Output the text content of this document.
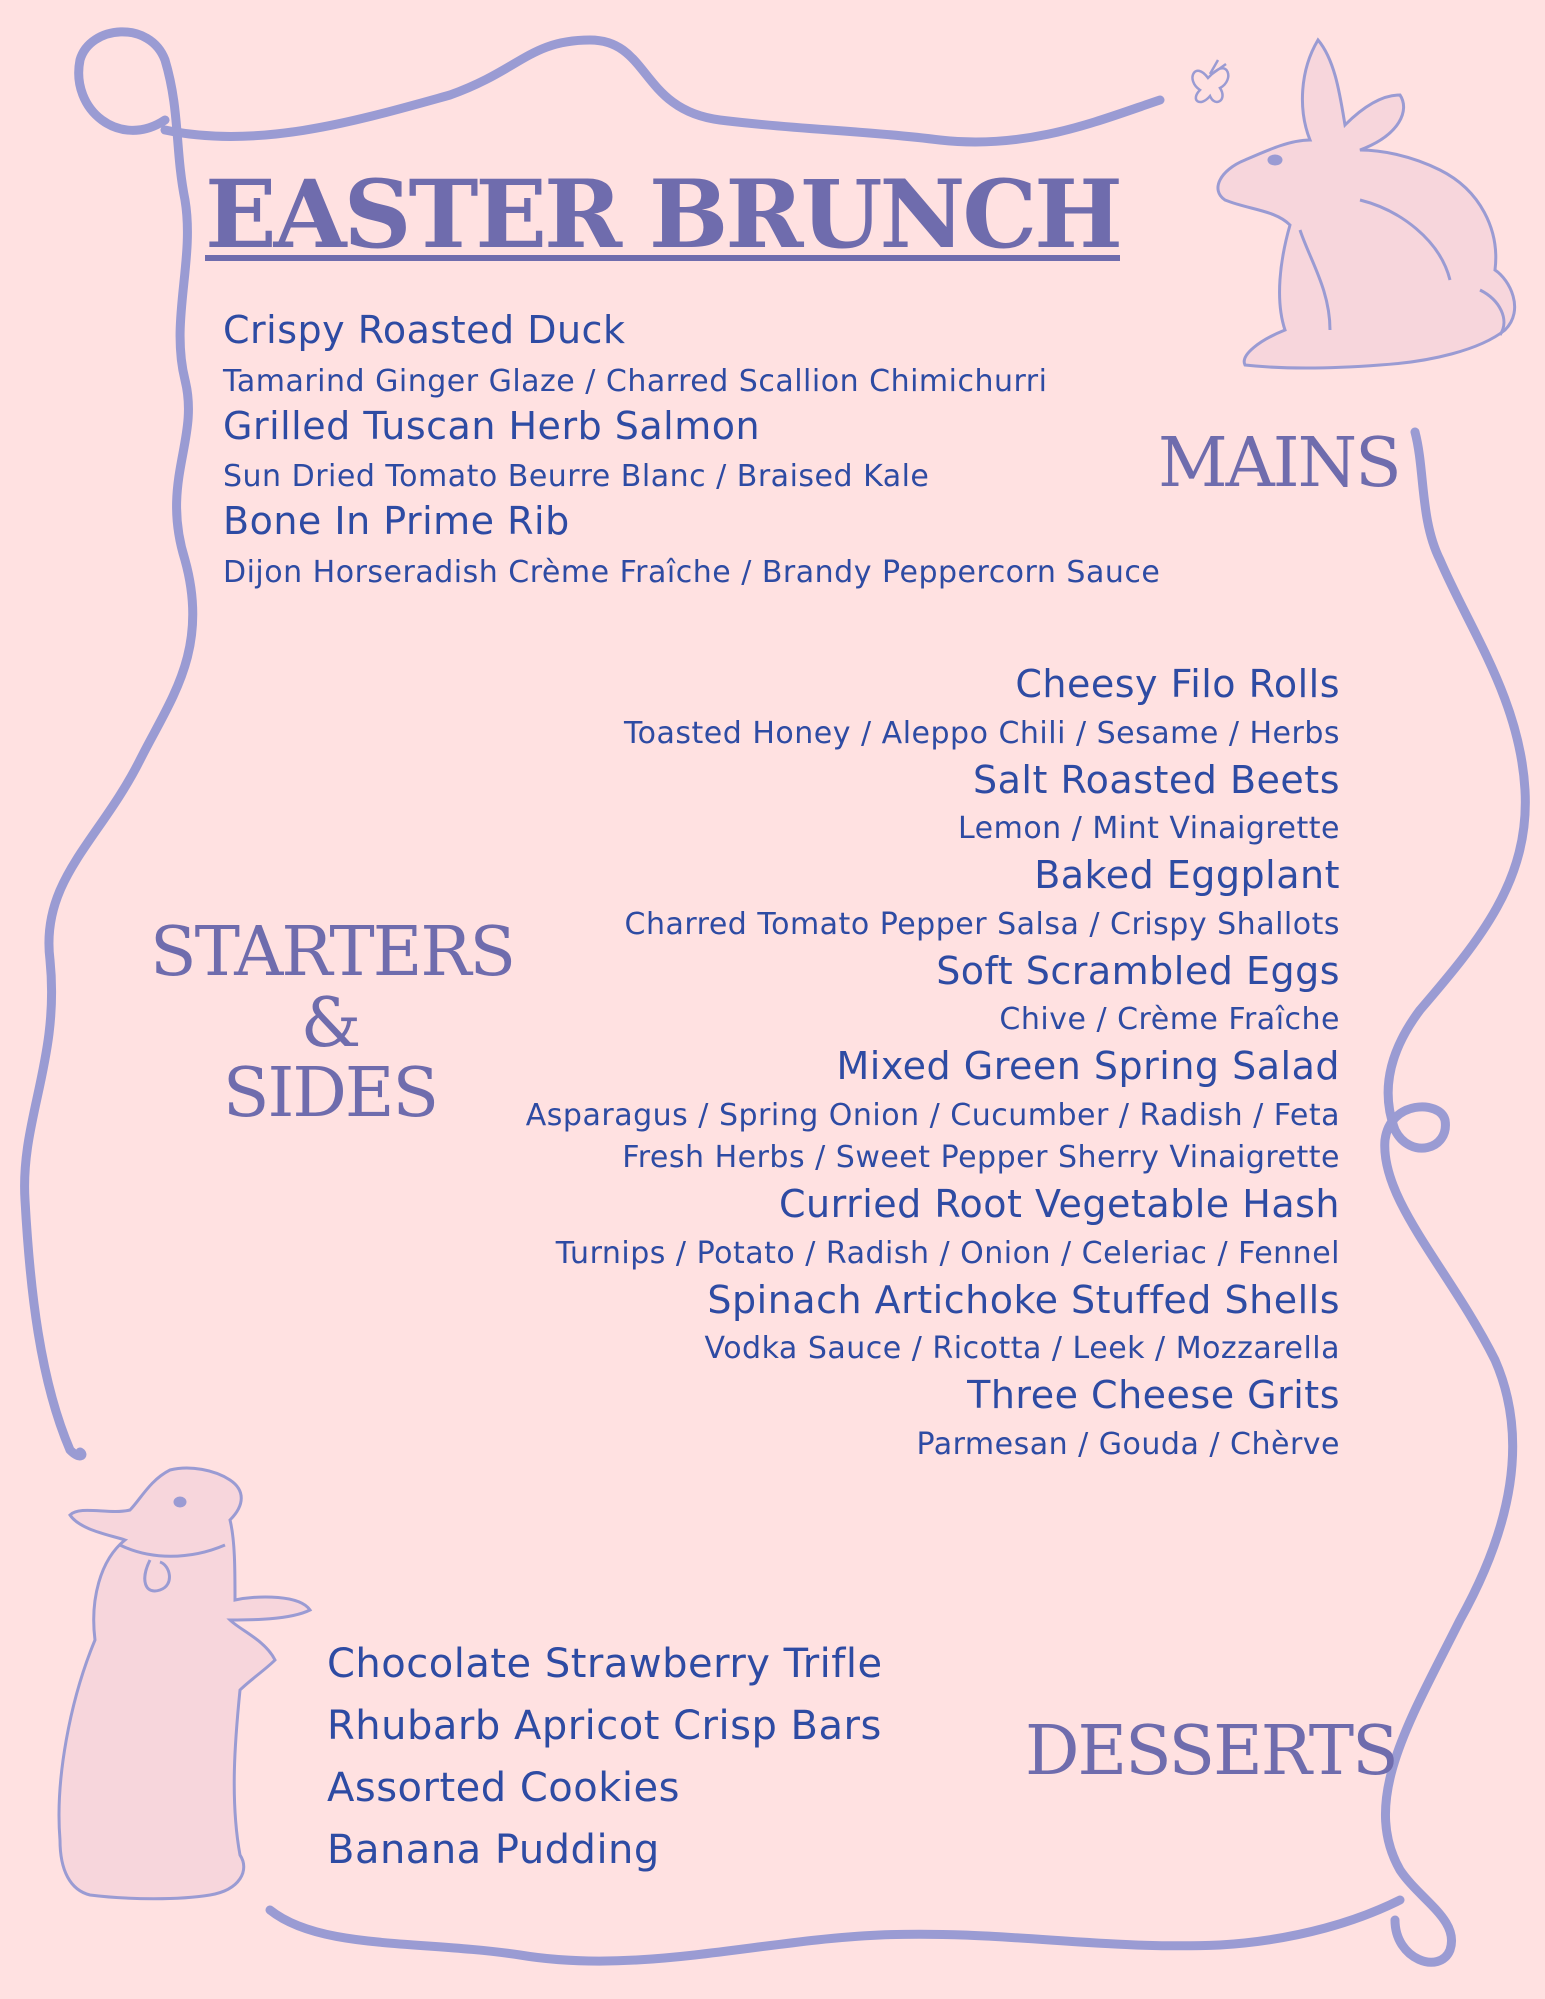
EASTER BRUNCH
MAINS
Crispy Roasted Duck
Tamarind Ginger Glaze / Charred Scallion Chimichurri
Grilled Tuscan Herb Salmon
Sun Dried Tomato Beurre Blanc / Braised Kale
Bone In Prime Rib
Dijon Horseradish Crème Fraîche / Brandy Peppercorn Sauce
STARTERS
&
SIDES
Cheesy Filo Rolls
Toasted Honey / Aleppo Chili / Sesame / Herbs
Salt Roasted Beets
Lemon / Mint Vinaigrette
Baked Eggplant
Charred Tomato Pepper Salsa / Crispy Shallots
Soft Scrambled Eggs
Chive / Crème Fraîche
Mixed Green Spring Salad
Asparagus / Spring Onion / Cucumber / Radish / Feta
Fresh Herbs / Sweet Pepper Sherry Vinaigrette
Curried Root Vegetable Hash
Turnips / Potato / Radish / Onion / Celeriac / Fennel
Spinach Artichoke Stuffed Shells
Vodka Sauce / Ricotta / Leek / Mozzarella
Three Cheese Grits
Parmesan / Gouda / Chèrve
DESSERTS
Chocolate Strawberry Trifle
Rhubarb Apricot Crisp Bars
Assorted Cookies
Banana Pudding
